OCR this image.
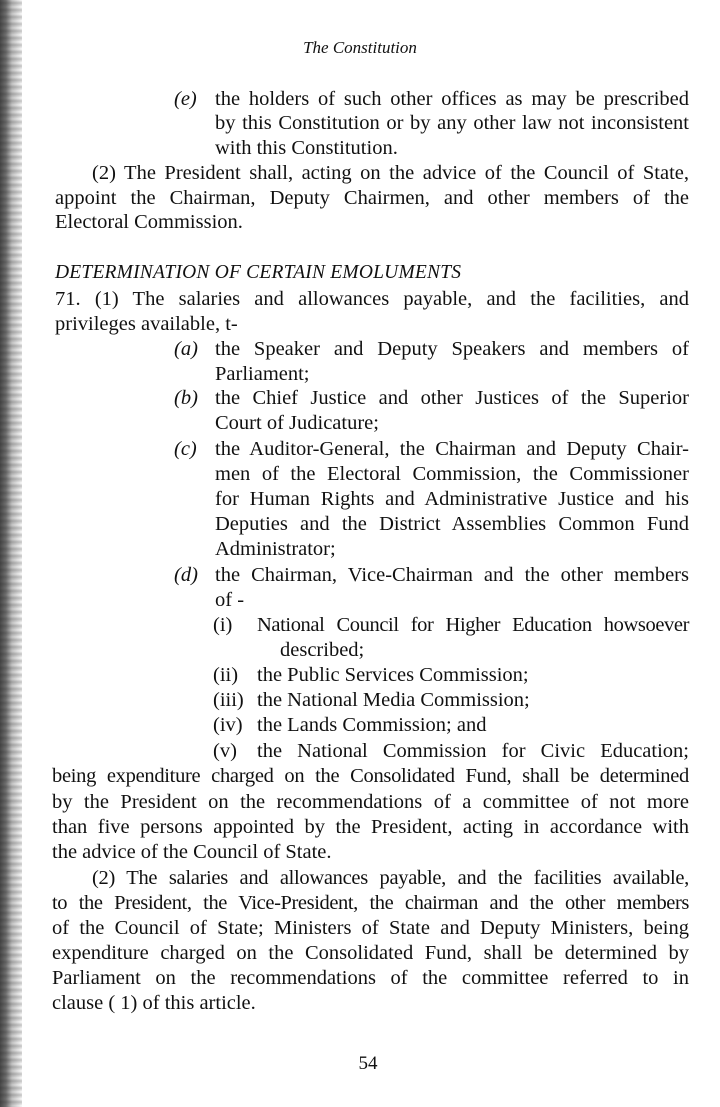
The Constitution
(e) the holders of such other offices as may be prescribed
by this Constitution or by any other law not inconsistent
with this Constitution.
(2) The President shall, acting on the advice of the Council of State,
appoint the Chairman, Deputy Chairmen, and other members of the
Electoral Commission.
DETERMINATION OF CERTAIN EMOLUMENTS
71. (1) The salaries and allowances payable, and the facilities, and
privileges available, t-
(a) the Speaker and Deputy Speakers and members of
Parliament;
(b) the Chief Justice and other Justices of the Superior
Court of Judicature;
(c) the Auditor-General, the Chairman and Deputy Chair-
men of the Electoral Commission, the Commissioner
for Human Rights and Administrative Justice and his
Deputies and the District Assemblies Common Fund
Administrator;
(d) the Chairman, Vice-Chairman and the other members
of -
(i) National Council for Higher Education howsoever
described;
(ii) the Public Services Commission;
(iii) the National Media Commission;
(iv) the Lands Commission; and
(v) the National Commission for Civic Education;
being expenditure charged on the Consolidated Fund, shall be determined
by the President on the recommendations of a committee of not more
than five persons appointed by the President, acting in accordance with
the advice of the Council of State.
(2) The salaries and allowances payable, and the facilities available,
to the President, the Vice-President, the chairman and the other members
of the Council of State; Ministers of State and Deputy Ministers, being
expenditure charged on the Consolidated Fund, shall be determined by
Parliament on the recommendations of the committee referred to in
clause ( 1) of this article.
54
